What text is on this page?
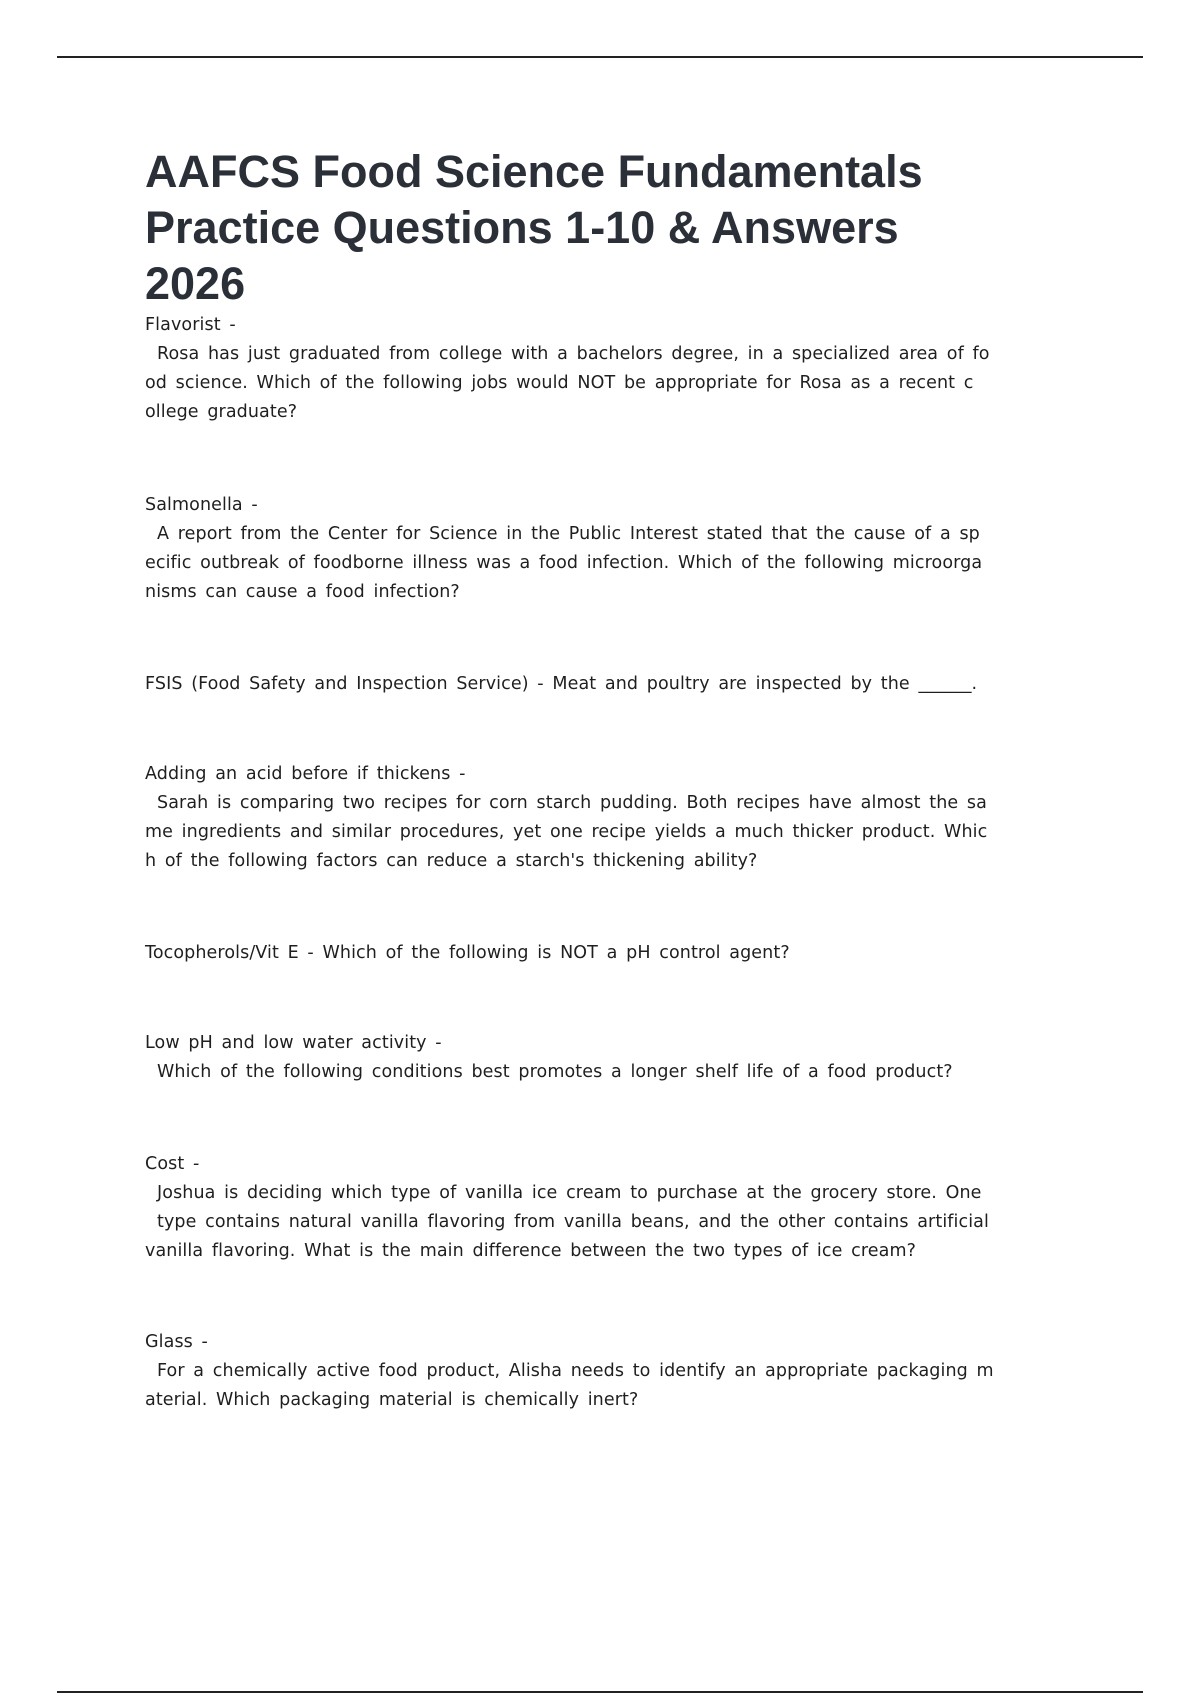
AAFCS Food Science Fundamentals
Practice Questions 1-10 & Answers
2026
Flavorist -
Rosa has just graduated from college with a bachelors degree, in a specialized area of fo
od science. Which of the following jobs would NOT be appropriate for Rosa as a recent c
ollege graduate?
Salmonella -
A report from the Center for Science in the Public Interest stated that the cause of a sp
ecific outbreak of foodborne illness was a food infection. Which of the following microorga
nisms can cause a food infection?
FSIS (Food Safety and Inspection Service) - Meat and poultry are inspected by the ______.
Adding an acid before if thickens -
Sarah is comparing two recipes for corn starch pudding. Both recipes have almost the sa
me ingredients and similar procedures, yet one recipe yields a much thicker product. Whic
h of the following factors can reduce a starch's thickening ability?
Tocopherols/Vit E - Which of the following is NOT a pH control agent?
Low pH and low water activity -
Which of the following conditions best promotes a longer shelf life of a food product?
Cost -
Joshua is deciding which type of vanilla ice cream to purchase at the grocery store. One
type contains natural vanilla flavoring from vanilla beans, and the other contains artificial
vanilla flavoring. What is the main difference between the two types of ice cream?
Glass -
For a chemically active food product, Alisha needs to identify an appropriate packaging m
aterial. Which packaging material is chemically inert?
